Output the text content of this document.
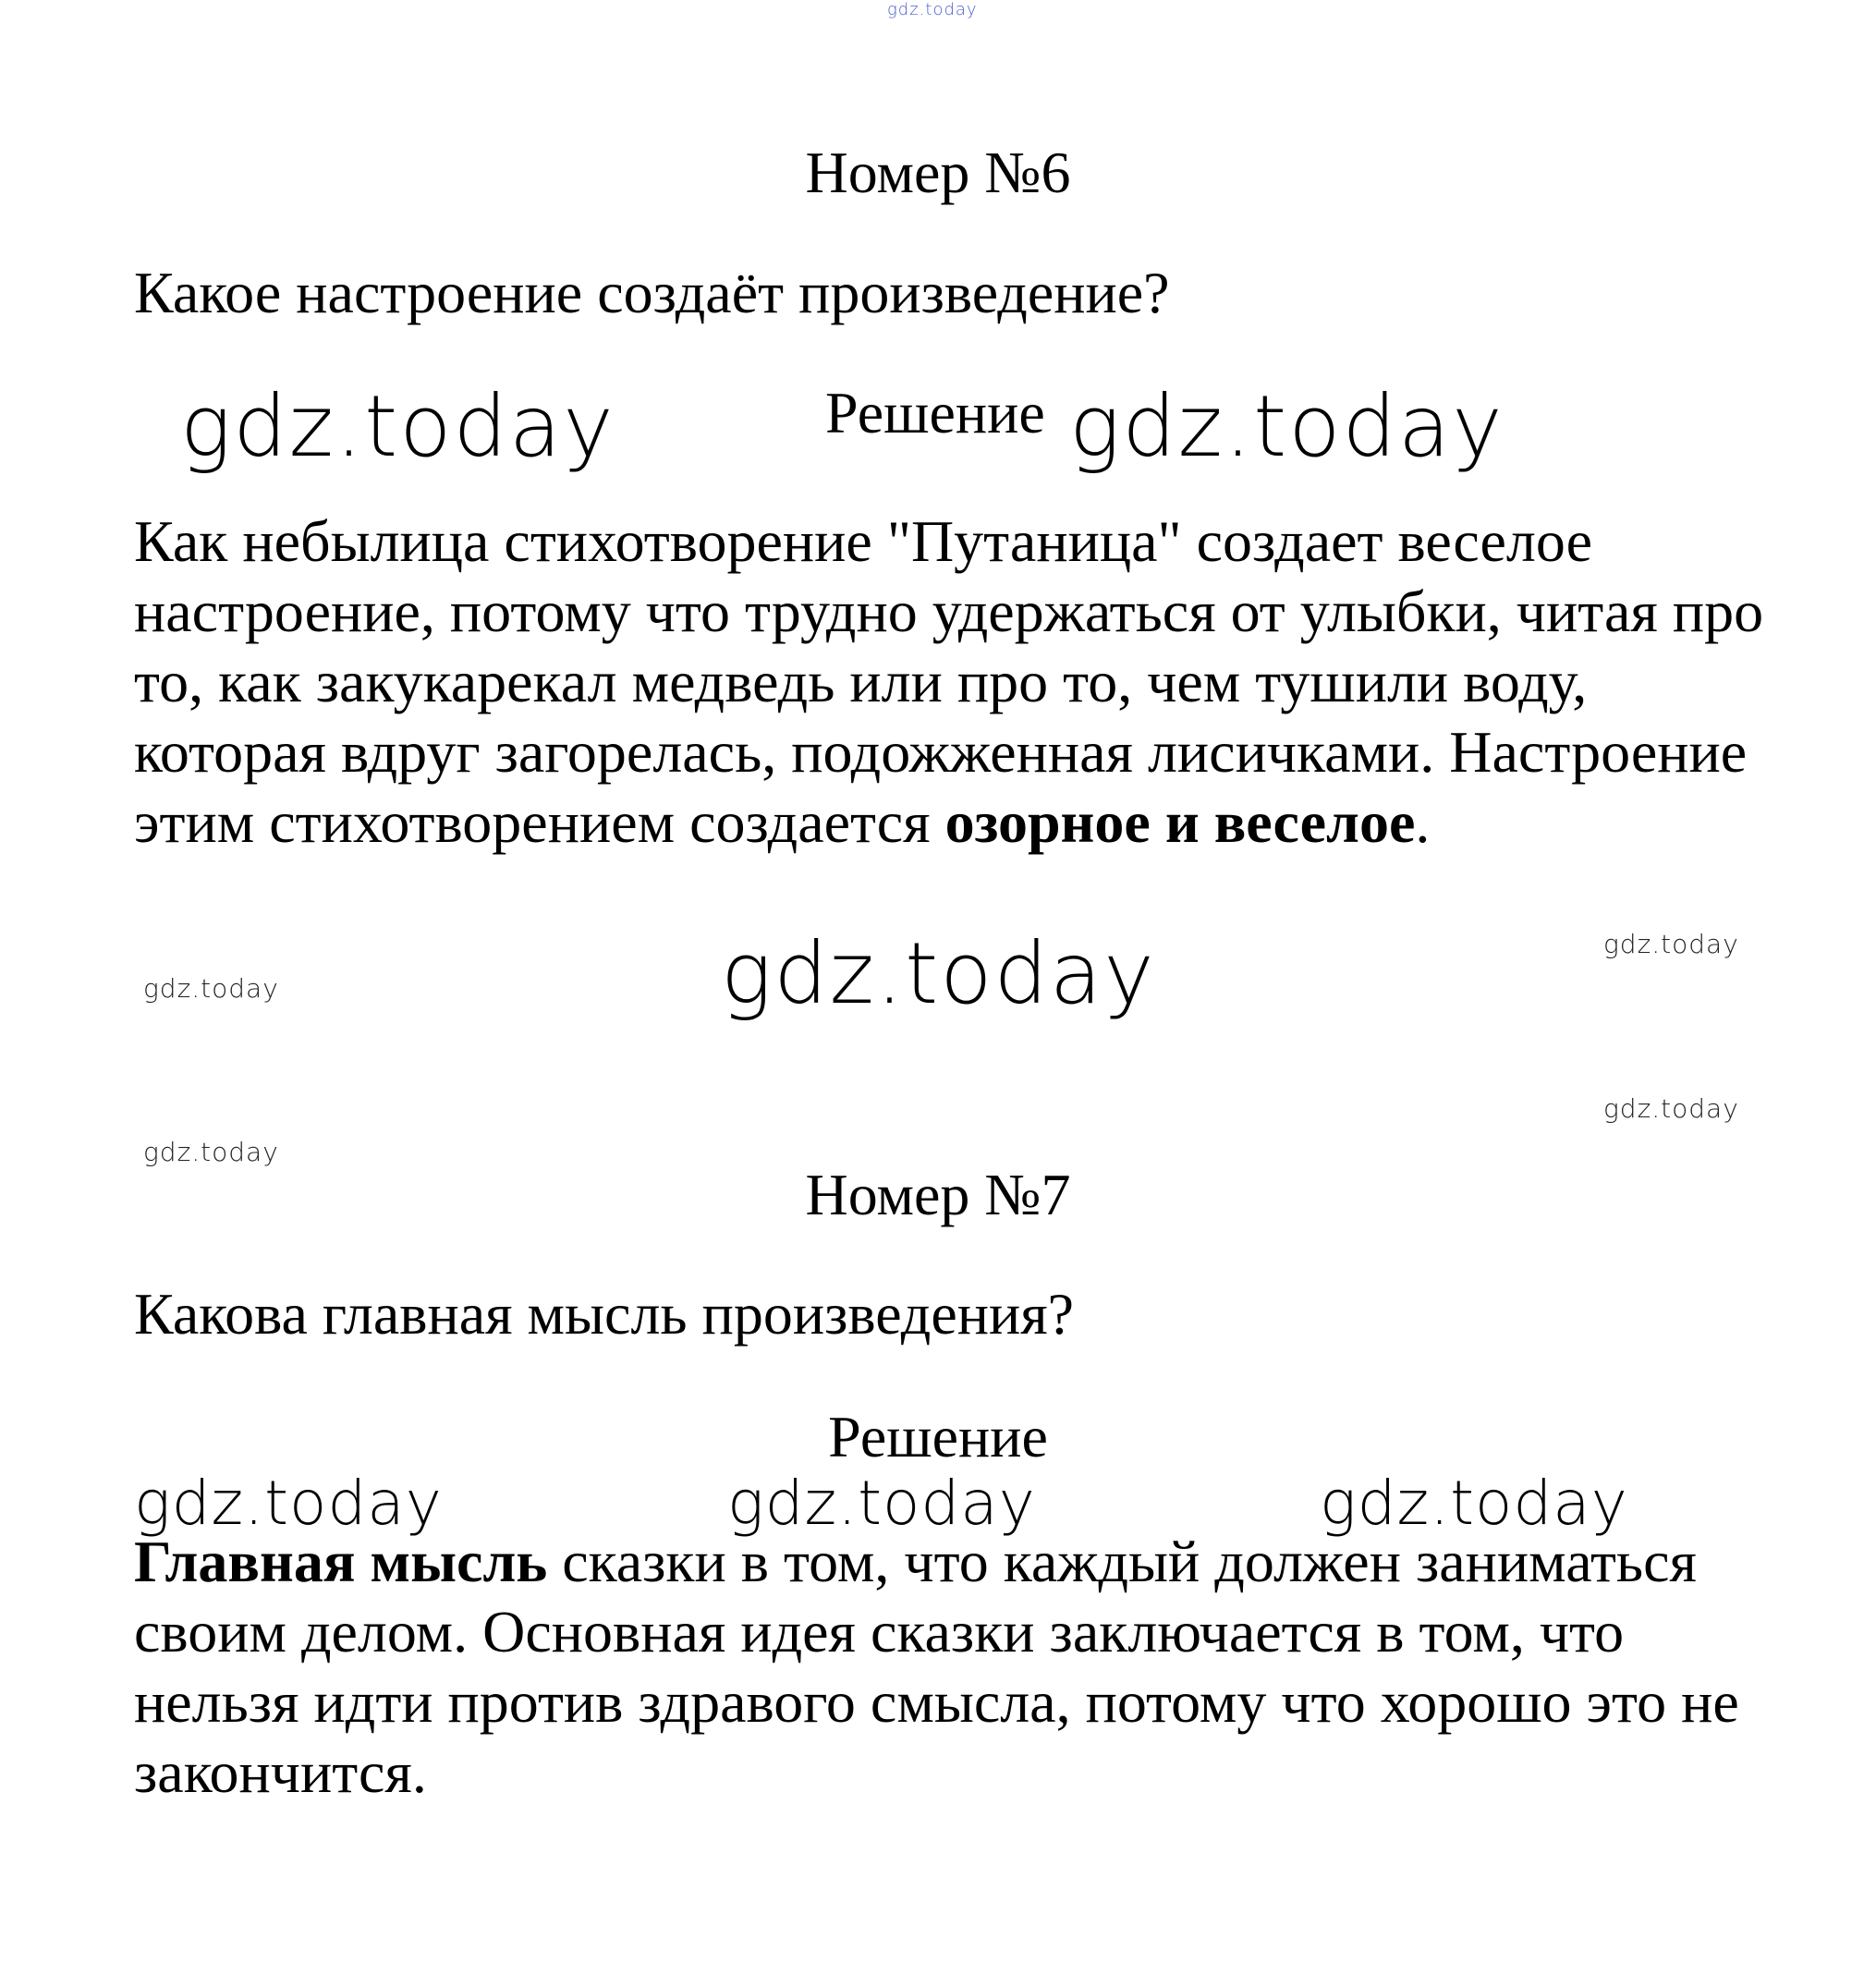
gdz.today
Номер №6
Какое настроение создаёт произведение?
gdz.today	Решение gdz.today

Как небылица стихотворение "Путаница" создает веселое настроение, потому что трудно удержаться от улыбки, читая про то, как закукарекал медведь или про то, чем тушили воду, которая вдруг загорелась, подожженная лисичками. Настроение этим стихотворением создается озорное и веселое.

gdz.today
gdz.today	gdz.today
gdz.today
gdz.today
Номер №7
Какова главная мысль произведения?
Решение
gdz.today	gdz.today	gdz.today

Главная мысль сказки в том, что каждый должен заниматься своим делом. Основная идея сказки заключается в том, что нельзя идти против здравого смысла, потому что хорошо это не закончится.
